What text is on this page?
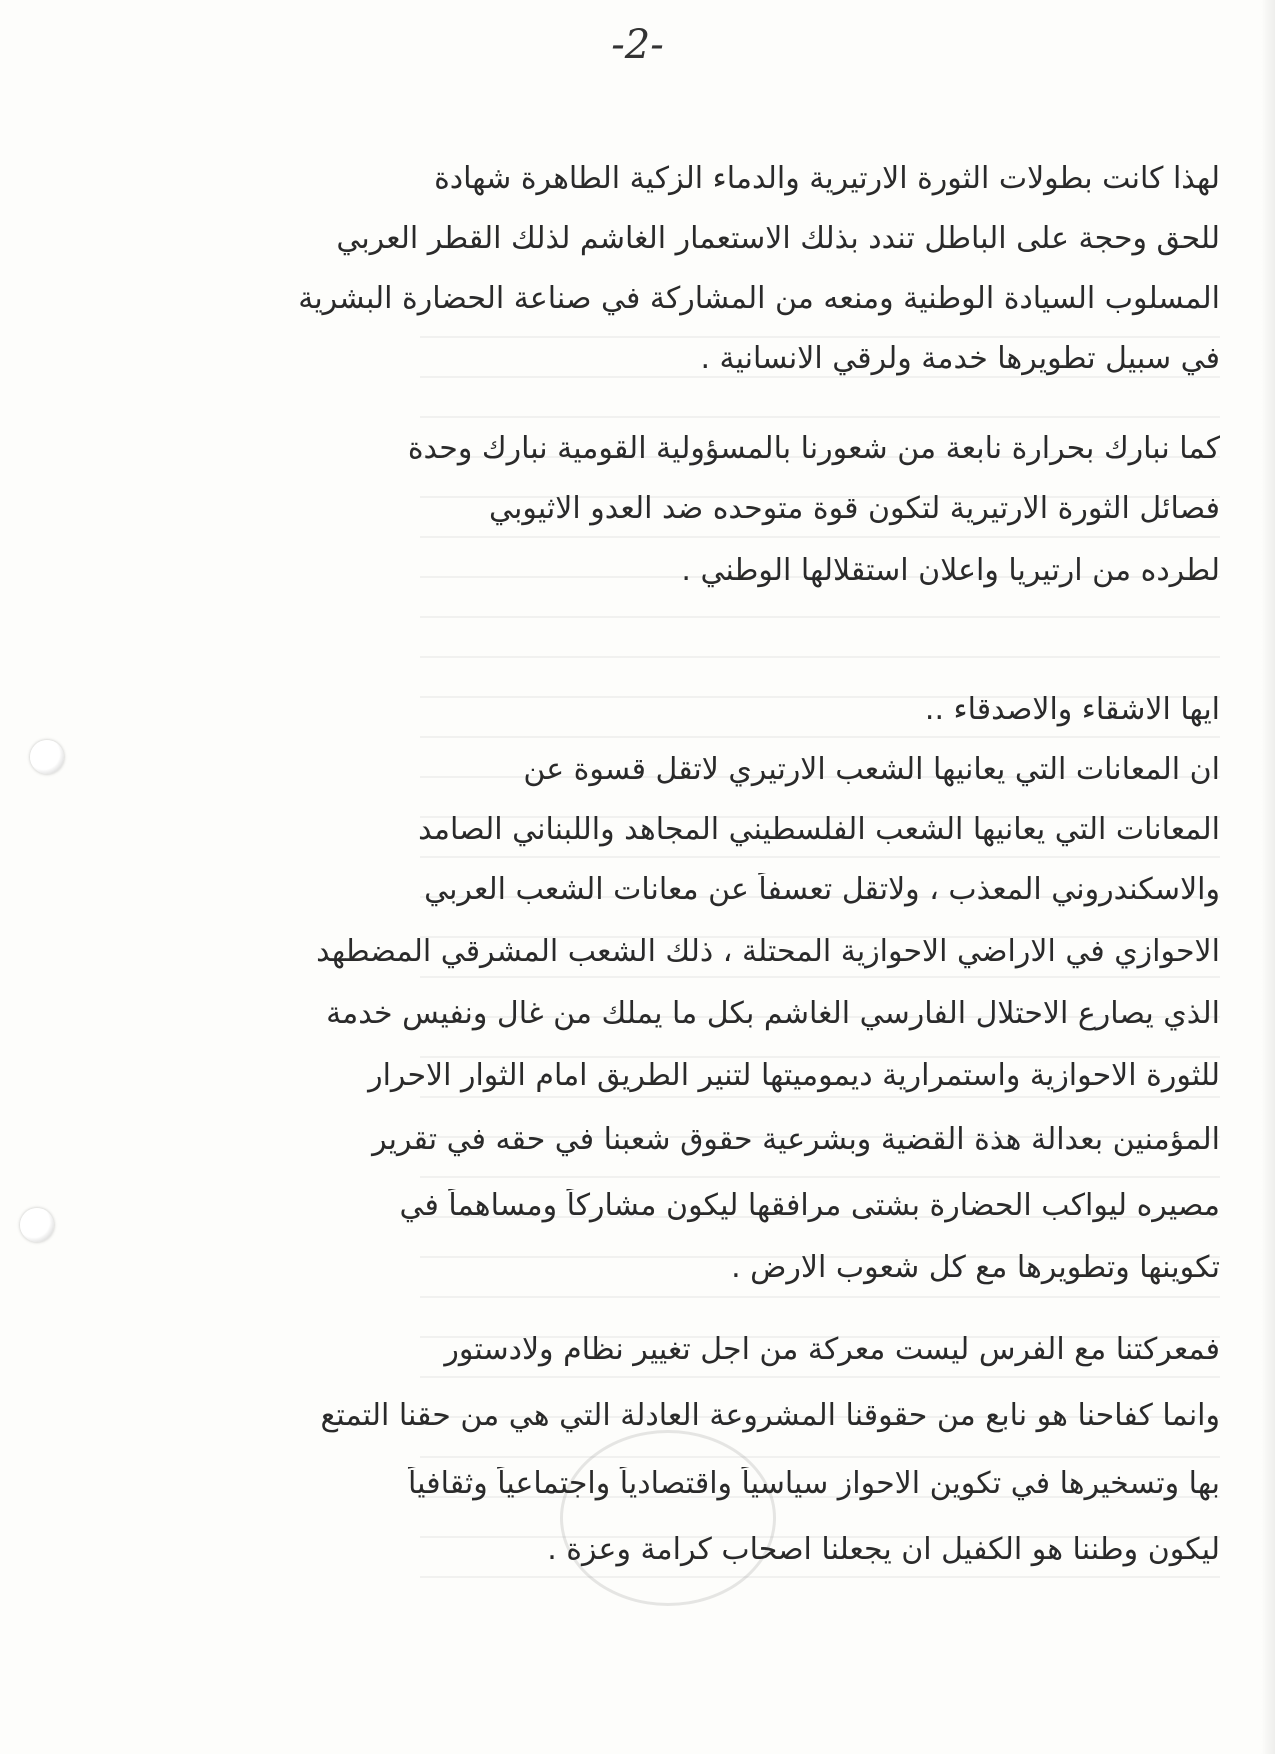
-2-
لهذا كانت بطولات الثورة الارتيرية والدماء الزكية الطاهرة شهادة
للحق وحجة على الباطل تندد بذلك الاستعمار الغاشم لذلك القطر العربي
المسلوب السيادة الوطنية ومنعه من المشاركة في صناعة الحضارة البشرية
في سبيل تطويرها خدمة ولرقي الانسانية .
كما نبارك بحرارة نابعة من شعورنا بالمسؤولية القومية نبارك وحدة
فصائل الثورة الارتيرية لتكون قوة متوحده ضد العدو الاثيوبي
لطرده من ارتيريا واعلان استقلالها الوطني .
ايها الاشقاء والاصدقاء ..
ان المعانات التي يعانيها الشعب الارتيري لاتقل قسوة عن
المعانات التي يعانيها الشعب الفلسطيني المجاهد واللبناني الصامد
والاسكندروني المعذب ، ولاتقل تعسفاً عن معانات الشعب العربي
الاحوازي في الاراضي الاحوازية المحتلة ، ذلك الشعب المشرقي المضطهد
الذي يصارع الاحتلال الفارسي الغاشم بكل ما يملك من غال ونفيس خدمة
للثورة الاحوازية واستمرارية ديموميتها لتنير الطريق امام الثوار الاحرار
المؤمنين بعدالة هذة القضية وبشرعية حقوق شعبنا في حقه في تقرير
مصيره ليواكب الحضارة بشتى مرافقها ليكون مشاركاً ومساهماً في
تكوينها وتطويرها مع كل شعوب الارض .
فمعركتنا مع الفرس ليست معركة من اجل تغيير نظام ولادستور
وانما كفاحنا هو نابع من حقوقنا المشروعة العادلة التي هي من حقنا التمتع
بها وتسخيرها في تكوين الاحواز سياسياً واقتصادياً واجتماعياً وثقافياً
ليكون وطننا هو الكفيل ان يجعلنا اصحاب كرامة وعزة .
